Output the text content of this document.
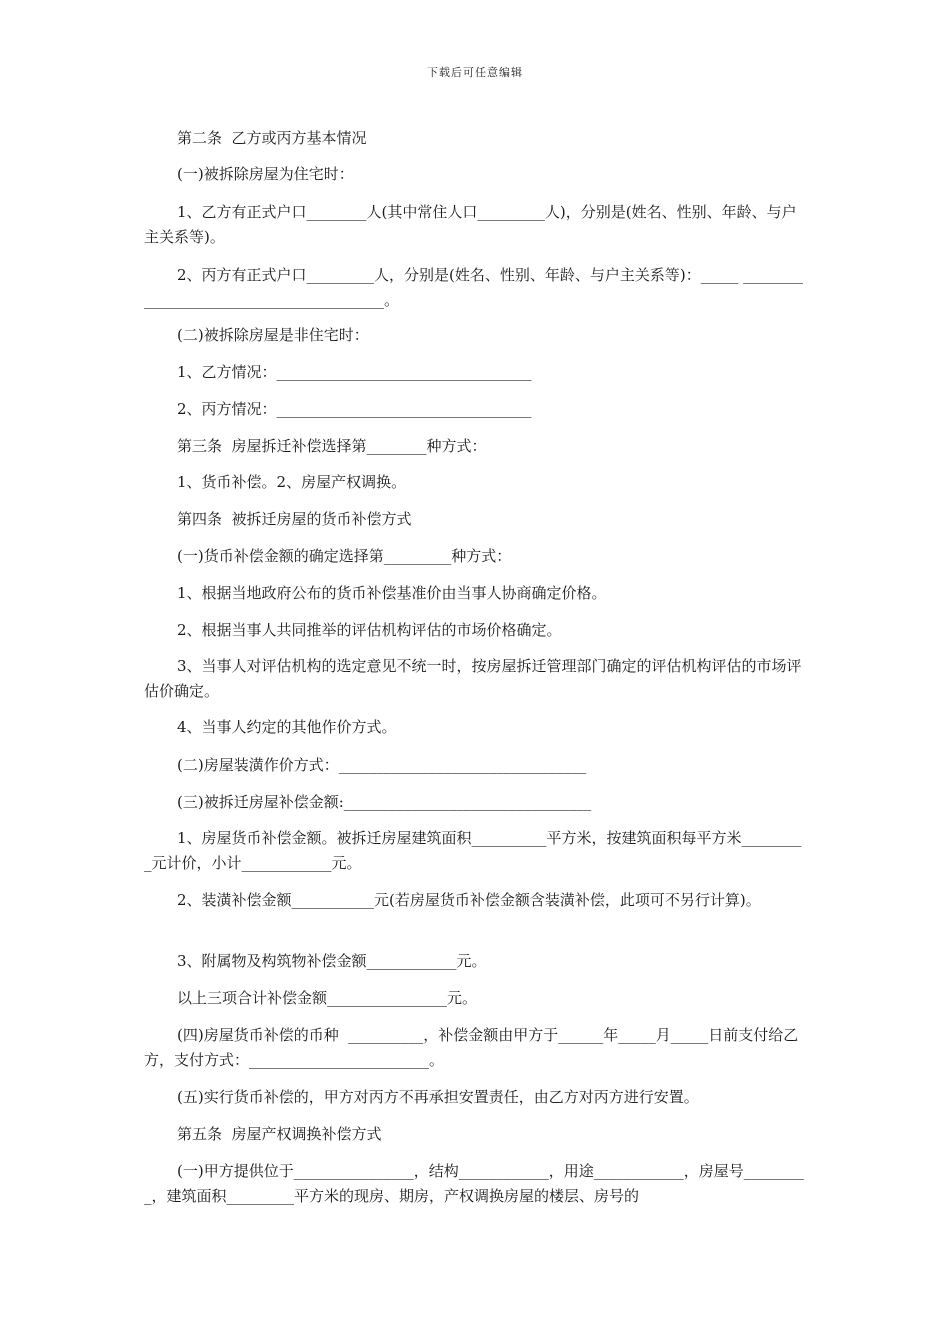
下载后可任意编辑
第二条  乙方或丙方基本情况
(一)被拆除房屋为住宅时：
1、乙方有正式户口________人(其中常住人口_________人)，分别是(姓名、性别、年龄、与户主关系等)。
2、丙方有正式户口_________人，分别是(姓名、性别、年龄、与户主关系等)：_____ ________________________________________。
(二)被拆除房屋是非住宅时：
1、乙方情况：__________________________________
2、丙方情况：__________________________________
第三条  房屋拆迁补偿选择第________种方式：
1、货币补偿。2、房屋产权调换。
第四条  被拆迁房屋的货币补偿方式
(一)货币补偿金额的确定选择第_________种方式：
1、根据当地政府公布的货币补偿基准价由当事人协商确定价格。
2、根据当事人共同推举的评估机构评估的市场价格确定。
3、当事人对评估机构的选定意见不统一时，按房屋拆迁管理部门确定的评估机构评估的市场评估价确定。
4、当事人约定的其他作价方式。
(二)房屋装潢作价方式：_________________________________
(三)被拆迁房屋补偿金额:_________________________________
1、房屋货币补偿金额。被拆迁房屋建筑面积__________平方米，按建筑面积每平方米_________元计价，小计____________元。
2、装潢补偿金额___________元(若房屋货币补偿金额含装潢补偿，此项可不另行计算)。
3、附属物及构筑物补偿金额____________元。
以上三项合计补偿金额________________元。
(四)房屋货币补偿的币种  __________，补偿金额由甲方于______年_____月_____日前支付给乙方，支付方式：________________________。
(五)实行货币补偿的，甲方对丙方不再承担安置责任，由乙方对丙方进行安置。
第五条  房屋产权调换补偿方式
(一)甲方提供位于________________，结构____________，用途____________，房屋号_________，建筑面积_________平方米的现房、期房，产权调换房屋的楼层、房号的
